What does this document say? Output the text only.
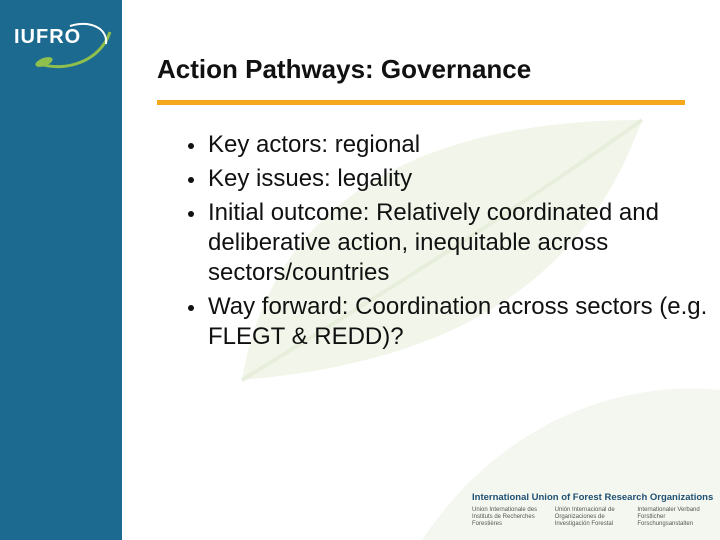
IUFRO
Action Pathways: Governance
Key actors: regional
Key issues: legality
Initial outcome: Relatively coordinated and deliberative action, inequitable across sectors/countries
Way forward: Coordination across sectors (e.g. FLEGT & REDD)?
International Union of Forest Research Organizations
Union Internationale des Instituts de Recherches Forestières
Unión Internacional de Organizaciones de Investigación Forestal
Internationaler Verband Forstlicher Forschungsanstalten
